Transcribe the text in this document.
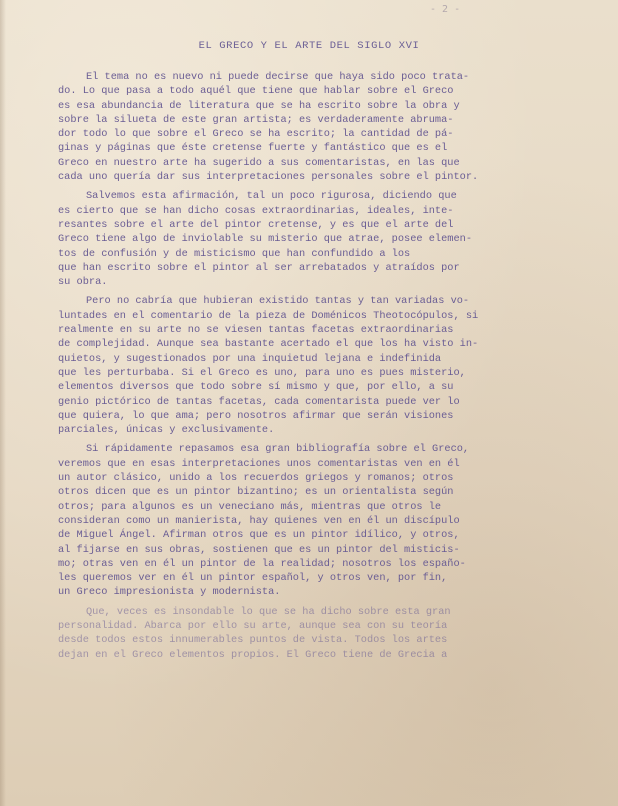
- 2 -
EL GRECO Y EL ARTE DEL SIGLO XVI
El tema no es nuevo ni puede decirse que haya sido poco trata-
do. Lo que pasa a todo aquél que tiene que hablar sobre el Greco
es esa abundancia de literatura que se ha escrito sobre la obra y
sobre la silueta de este gran artista; es verdaderamente abruma-
dor todo lo que sobre el Greco se ha escrito; la cantidad de pá-
ginas y páginas que éste cretense fuerte y fantástico que es el
Greco en nuestro arte ha sugerido a sus comentaristas, en las que
cada uno quería dar sus interpretaciones personales sobre el pintor.
Salvemos esta afirmación, tal un poco rigurosa, diciendo que
es cierto que se han dicho cosas extraordinarias, ideales, inte-
resantes sobre el arte del pintor cretense, y es que el arte del
Greco tiene algo de inviolable su misterio que atrae, posee elemen-
tos de confusión y de misticismo que han confundido a los
que han escrito sobre el pintor al ser arrebatados y atraídos por
su obra.
Pero no cabría que hubieran existido tantas y tan variadas vo-
luntades en el comentario de la pieza de Doménicos Theotocópulos, si
realmente en su arte no se viesen tantas facetas extraordinarias
de complejidad. Aunque sea bastante acertado el que los ha visto in-
quietos, y sugestionados por una inquietud lejana e indefinida
que les perturbaba. Si el Greco es uno, para uno es pues misterio,
elementos diversos que todo sobre sí mismo y que, por ello, a su
genio pictórico de tantas facetas, cada comentarista puede ver lo
que quiera, lo que ama; pero nosotros afirmar que serán visiones
parciales, únicas y exclusivamente.
Si rápidamente repasamos esa gran bibliografía sobre el Greco,
veremos que en esas interpretaciones unos comentaristas ven en él
un autor clásico, unido a los recuerdos griegos y romanos; otros
otros dicen que es un pintor bizantino; es un orientalista según
otros; para algunos es un veneciano más, mientras que otros le
consideran como un manierista, hay quienes ven en él un discípulo
de Miguel Ángel. Afirman otros que es un pintor idílico, y otros,
al fijarse en sus obras, sostienen que es un pintor del misticis-
mo; otras ven en él un pintor de la realidad; nosotros los españo-
les queremos ver en él un pintor español, y otros ven, por fin,
un Greco impresionista y modernista.
Que, veces es insondable lo que se ha dicho sobre esta gran
personalidad. Abarca por ello su arte, aunque sea con su teoría
desde todos estos innumerables puntos de vista. Todos los artes
dejan en el Greco elementos propios. El Greco tiene de Grecia a
